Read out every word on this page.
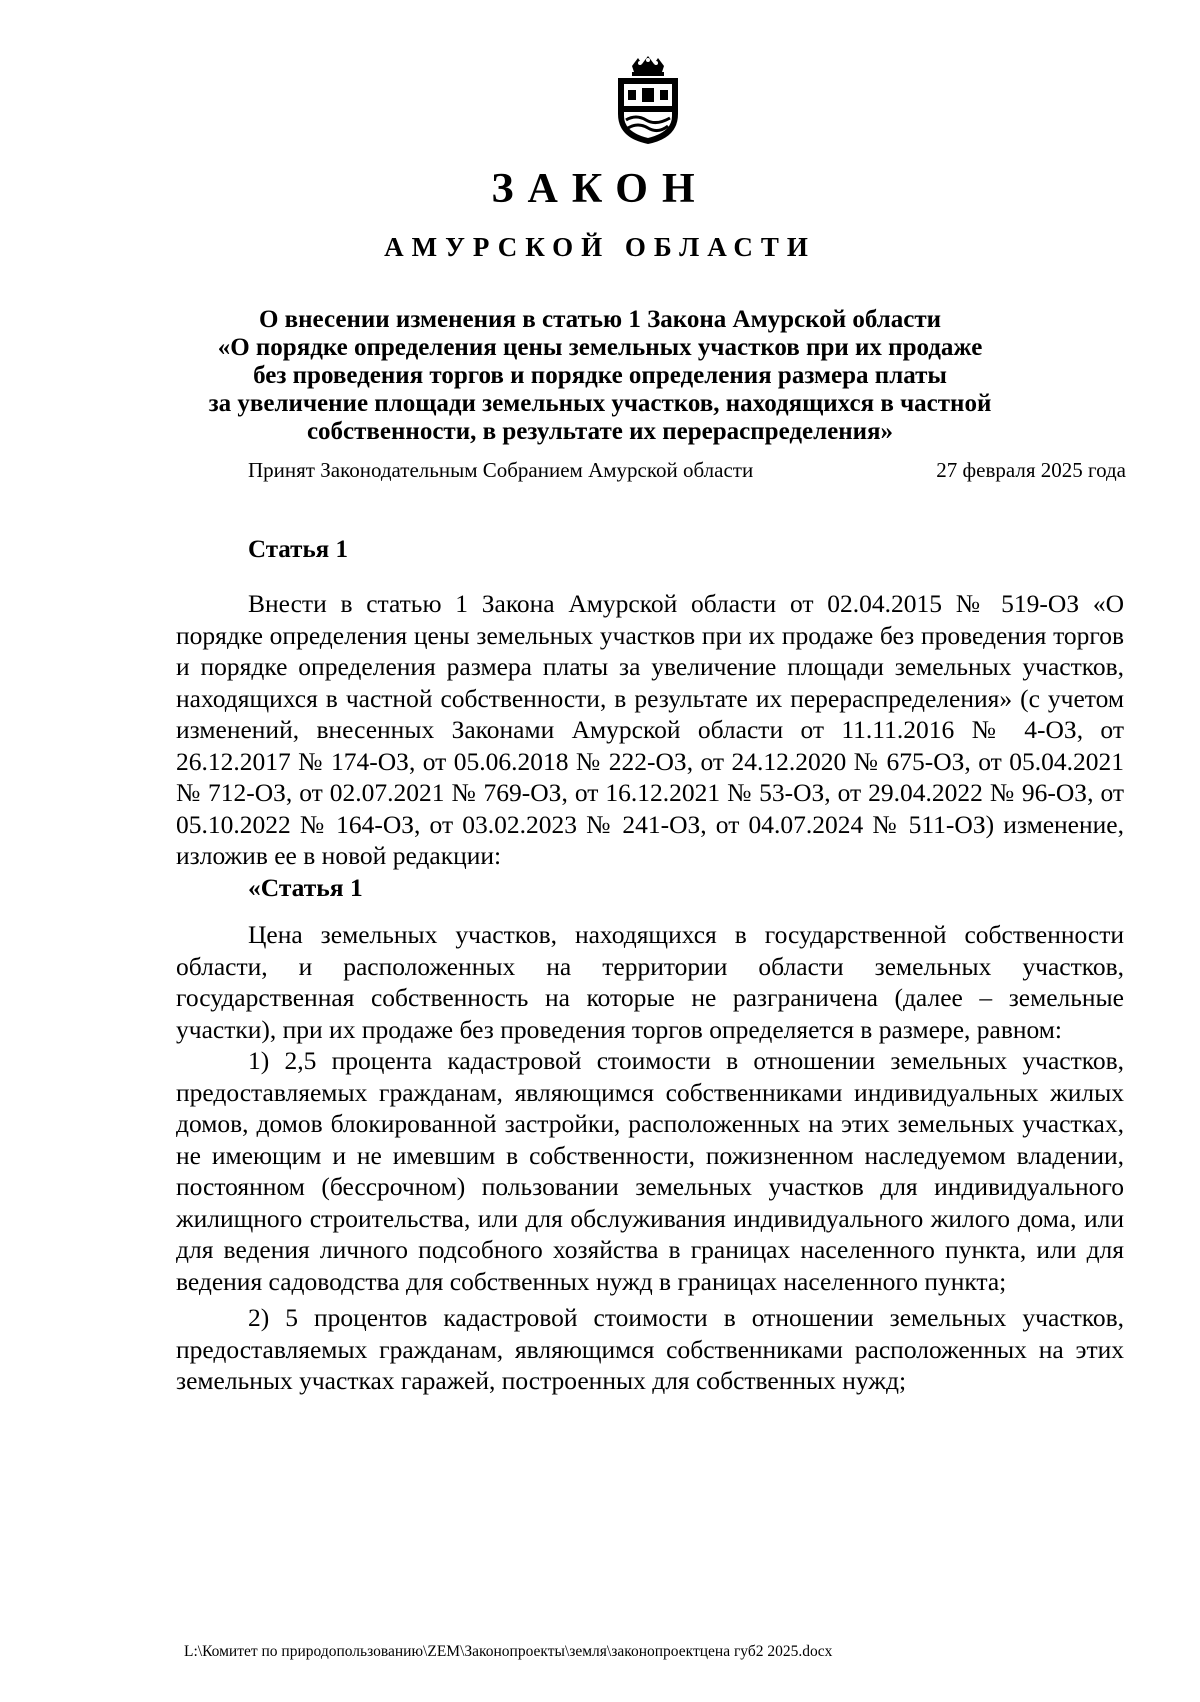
ЗАКОН
АМУРСКОЙ ОБЛАСТИ
О внесении изменения в статью 1 Закона Амурской области
«О порядке определения цены земельных участков при их продаже
без проведения торгов и порядке определения размера платы
за увеличение площади земельных участков, находящихся в частной
собственности, в результате их перераспределения»
Принят Законодательным Собранием Амурской области	27 февраля 2025 года
Статья 1

Внести в статью 1 Закона Амурской области от 02.04.2015 № 519-ОЗ «О порядке определения цены земельных участков при их продаже без проведения торгов и порядке определения размера платы за увеличение площади земельных участков, находящихся в частной собственности, в результате их перераспределения» (с учетом изменений, внесенных Законами Амурской области от 11.11.2016 № 4-ОЗ, от 26.12.2017 № 174-ОЗ, от 05.06.2018 № 222-ОЗ, от 24.12.2020 № 675-ОЗ, от 05.04.2021 № 712-ОЗ, от 02.07.2021 № 769-ОЗ, от 16.12.2021 № 53-ОЗ, от 29.04.2022 № 96-ОЗ, от 05.10.2022 № 164-ОЗ, от 03.02.2023 № 241-ОЗ, от 04.07.2024 № 511-ОЗ) изменение, изложив ее в новой редакции:

«Статья 1

Цена земельных участков, находящихся в государственной собственности области, и расположенных на территории области земельных участков, государственная собственность на которые не разграничена (далее – земельные участки), при их продаже без проведения торгов определяется в размере, равном:

1) 2,5 процента кадастровой стоимости в отношении земельных участков, предоставляемых гражданам, являющимся собственниками индивидуальных жилых домов, домов блокированной застройки, расположенных на этих земельных участках, не имеющим и не имевшим в собственности, пожизненном наследуемом владении, постоянном (бессрочном) пользовании земельных участков для индивидуального жилищного строительства, или для обслуживания индивидуального жилого дома, или для ведения личного подсобного хозяйства в границах населенного пункта, или для ведения садоводства для собственных нужд в границах населенного пункта;

2) 5 процентов кадастровой стоимости в отношении земельных участков, предоставляемых гражданам, являющимся собственниками расположенных на этих земельных участках гаражей, построенных для собственных нужд;

L:\Комитет по природопользованию\ZEM\Законопроекты\земля\законопроектцена губ2 2025.docx
